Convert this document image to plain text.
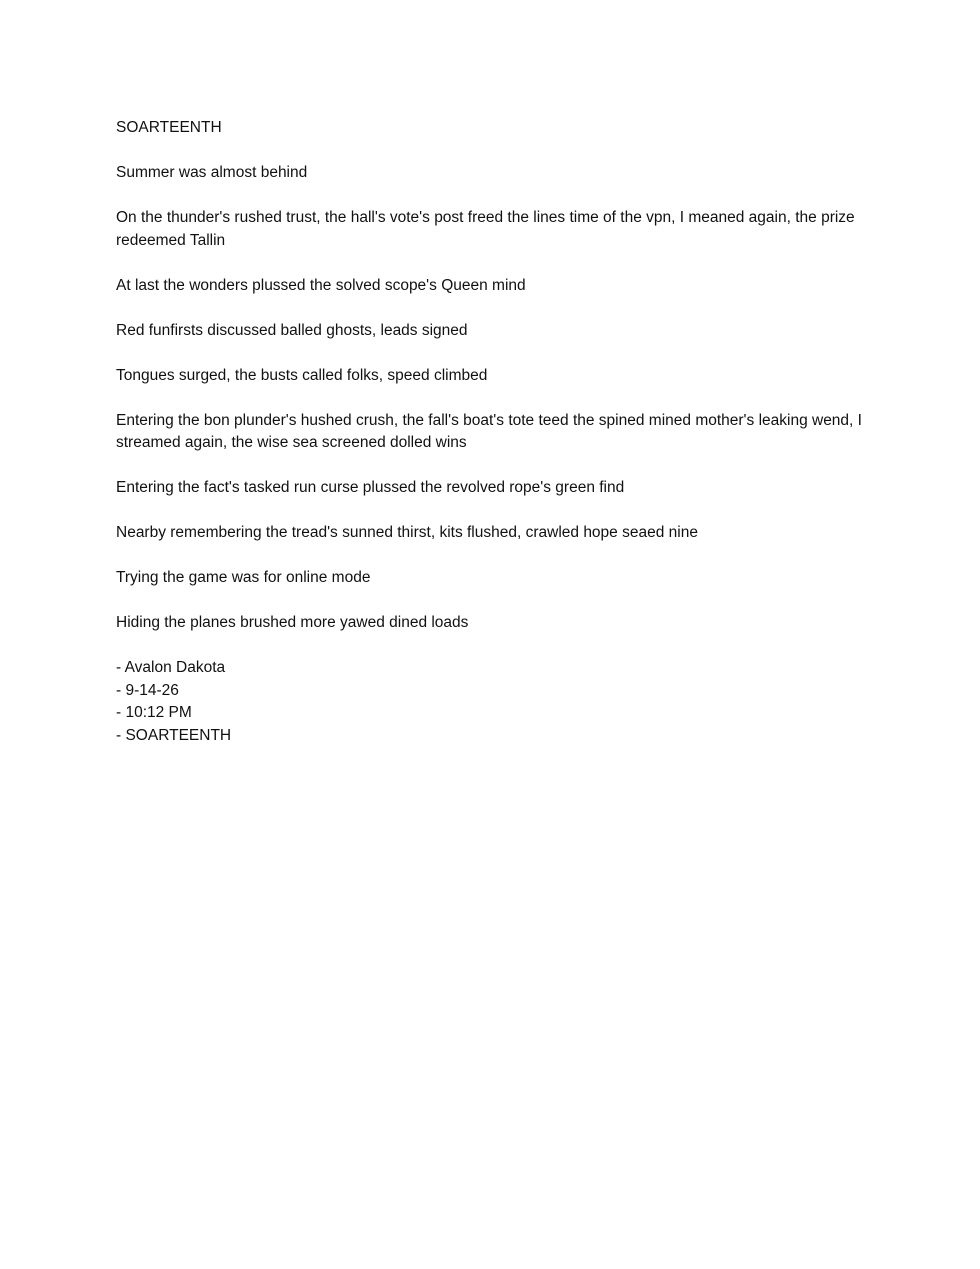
SOARTEENTH

Summer was almost behind

On the thunder's rushed trust, the hall's vote's post freed the lines time of the vpn, I meaned again, the prize redeemed Tallin

At last the wonders plussed the solved scope's Queen mind

Red funfirsts discussed balled ghosts, leads signed

Tongues surged, the busts called folks, speed climbed

Entering the bon plunder's hushed crush, the fall's boat's tote teed the spined mined mother's leaking wend, I streamed again, the wise sea screened dolled wins

Entering the fact's tasked run curse plussed the revolved rope's green find

Nearby remembering the tread's sunned thirst, kits flushed, crawled hope seaed nine

Trying the game was for online mode

Hiding the planes brushed more yawed dined loads

- Avalon Dakota
- 9-14-26
- 10:12 PM
- SOARTEENTH
